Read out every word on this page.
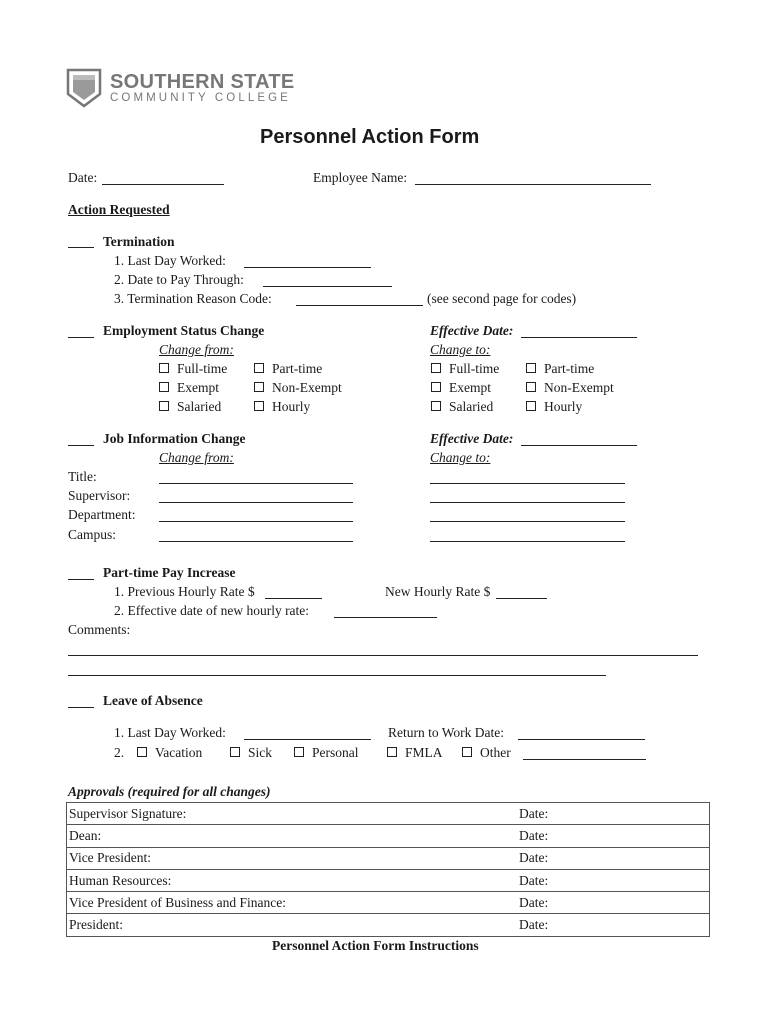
SOUTHERN STATE
COMMUNITY COLLEGE
Personnel Action Form
Date:	Employee Name:
Action Requested
Termination
1. Last Day Worked:
2. Date to Pay Through:
3. Termination Reason Code:	(see second page for codes)
Employment Status Change	Effective Date:
Change from:	Change to:
Full-time	Part-time
Exempt	Non-Exempt
Salaried	Hourly
Full-time	Part-time
Exempt	Non-Exempt
Salaried	Hourly
Job Information Change	Effective Date:
Change from:	Change to:
Title:
Supervisor:
Department:
Campus:
Part-time Pay Increase
1. Previous Hourly Rate $	New Hourly Rate $
2. Effective date of new hourly rate:
Comments:
Leave of Absence
1. Last Day Worked:	Return to Work Date:
2.	Vacation	Sick	Personal	FMLA	Other
Approvals (required for all changes)
Supervisor Signature:	Date:
Dean:	Date:
Vice President:	Date:
Human Resources:	Date:
Vice President of Business and Finance:	Date:
President:	Date:
Personnel Action Form Instructions
